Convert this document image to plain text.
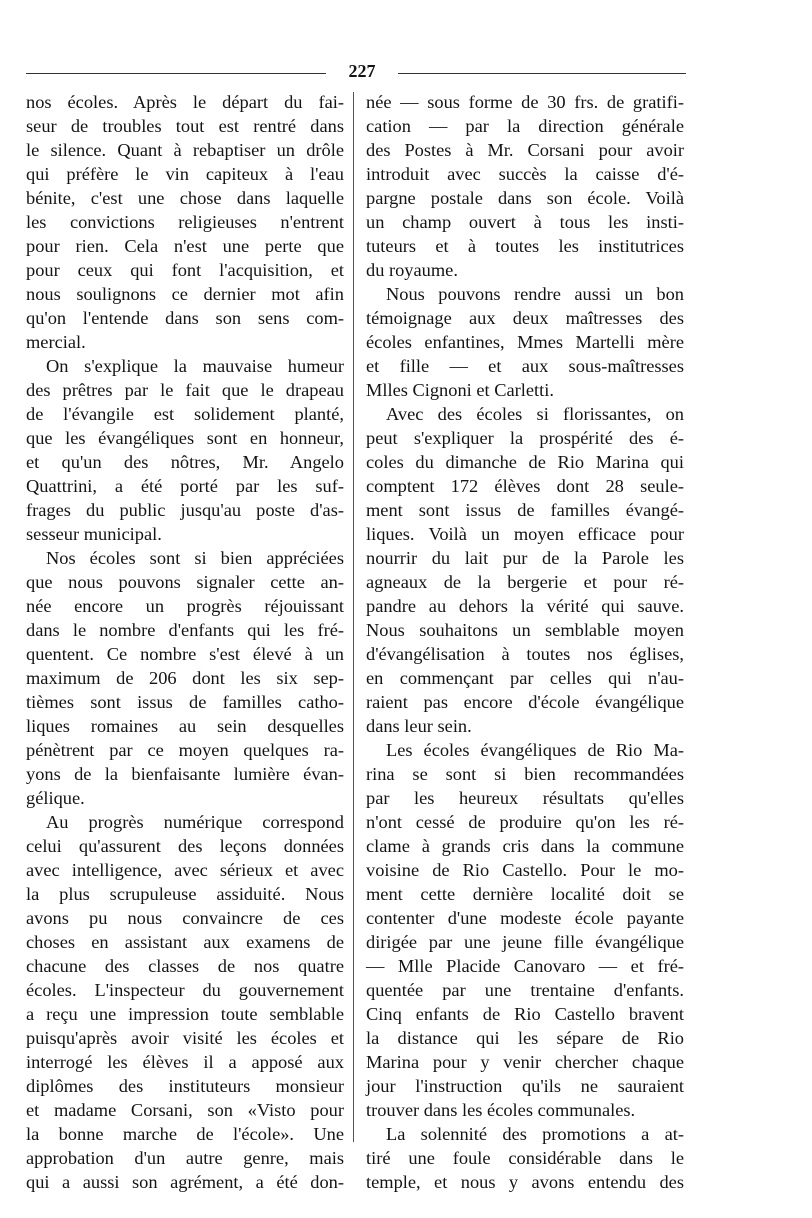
227
nos écoles. Après le départ du fai-
seur de troubles tout est rentré dans
le silence. Quant à rebaptiser un drôle
qui préfère le vin capiteux à l'eau
bénite, c'est une chose dans laquelle
les convictions religieuses n'entrent
pour rien. Cela n'est une perte que
pour ceux qui font l'acquisition, et
nous soulignons ce dernier mot afin
qu'on l'entende dans son sens com-
mercial.
On s'explique la mauvaise humeur
des prêtres par le fait que le drapeau
de l'évangile est solidement planté,
que les évangéliques sont en honneur,
et qu'un des nôtres, Mr. Angelo
Quattrini, a été porté par les suf-
frages du public jusqu'au poste d'as-
sesseur municipal.
Nos écoles sont si bien appréciées
que nous pouvons signaler cette an-
née encore un progrès réjouissant
dans le nombre d'enfants qui les fré-
quentent. Ce nombre s'est élevé à un
maximum de 206 dont les six sep-
tièmes sont issus de familles catho-
liques romaines au sein desquelles
pénètrent par ce moyen quelques ra-
yons de la bienfaisante lumière évan-
gélique.
Au progrès numérique correspond
celui qu'assurent des leçons données
avec intelligence, avec sérieux et avec
la plus scrupuleuse assiduité. Nous
avons pu nous convaincre de ces
choses en assistant aux examens de
chacune des classes de nos quatre
écoles. L'inspecteur du gouvernement
a reçu une impression toute semblable
puisqu'après avoir visité les écoles et
interrogé les élèves il a apposé aux
diplômes des instituteurs monsieur
et madame Corsani, son «Visto pour
la bonne marche de l'école». Une
approbation d'un autre genre, mais
qui a aussi son agrément, a été don-
née — sous forme de 30 frs. de gratifi-
cation — par la direction générale
des Postes à Mr. Corsani pour avoir
introduit avec succès la caisse d'é-
pargne postale dans son école. Voilà
un champ ouvert à tous les insti-
tuteurs et à toutes les institutrices
du royaume.
Nous pouvons rendre aussi un bon
témoignage aux deux maîtresses des
écoles enfantines, Mmes Martelli mère
et fille — et aux sous-maîtresses
Mlles Cignoni et Carletti.
Avec des écoles si florissantes, on
peut s'expliquer la prospérité des é-
coles du dimanche de Rio Marina qui
comptent 172 élèves dont 28 seule-
ment sont issus de familles évangé-
liques. Voilà un moyen efficace pour
nourrir du lait pur de la Parole les
agneaux de la bergerie et pour ré-
pandre au dehors la vérité qui sauve.
Nous souhaitons un semblable moyen
d'évangélisation à toutes nos églises,
en commençant par celles qui n'au-
raient pas encore d'école évangélique
dans leur sein.
Les écoles évangéliques de Rio Ma-
rina se sont si bien recommandées
par les heureux résultats qu'elles
n'ont cessé de produire qu'on les ré-
clame à grands cris dans la commune
voisine de Rio Castello. Pour le mo-
ment cette dernière localité doit se
contenter d'une modeste école payante
dirigée par une jeune fille évangélique
— Mlle Placide Canovaro — et fré-
quentée par une trentaine d'enfants.
Cinq enfants de Rio Castello bravent
la distance qui les sépare de Rio
Marina pour y venir chercher chaque
jour l'instruction qu'ils ne sauraient
trouver dans les écoles communales.
La solennité des promotions a at-
tiré une foule considérable dans le
temple, et nous y avons entendu des
